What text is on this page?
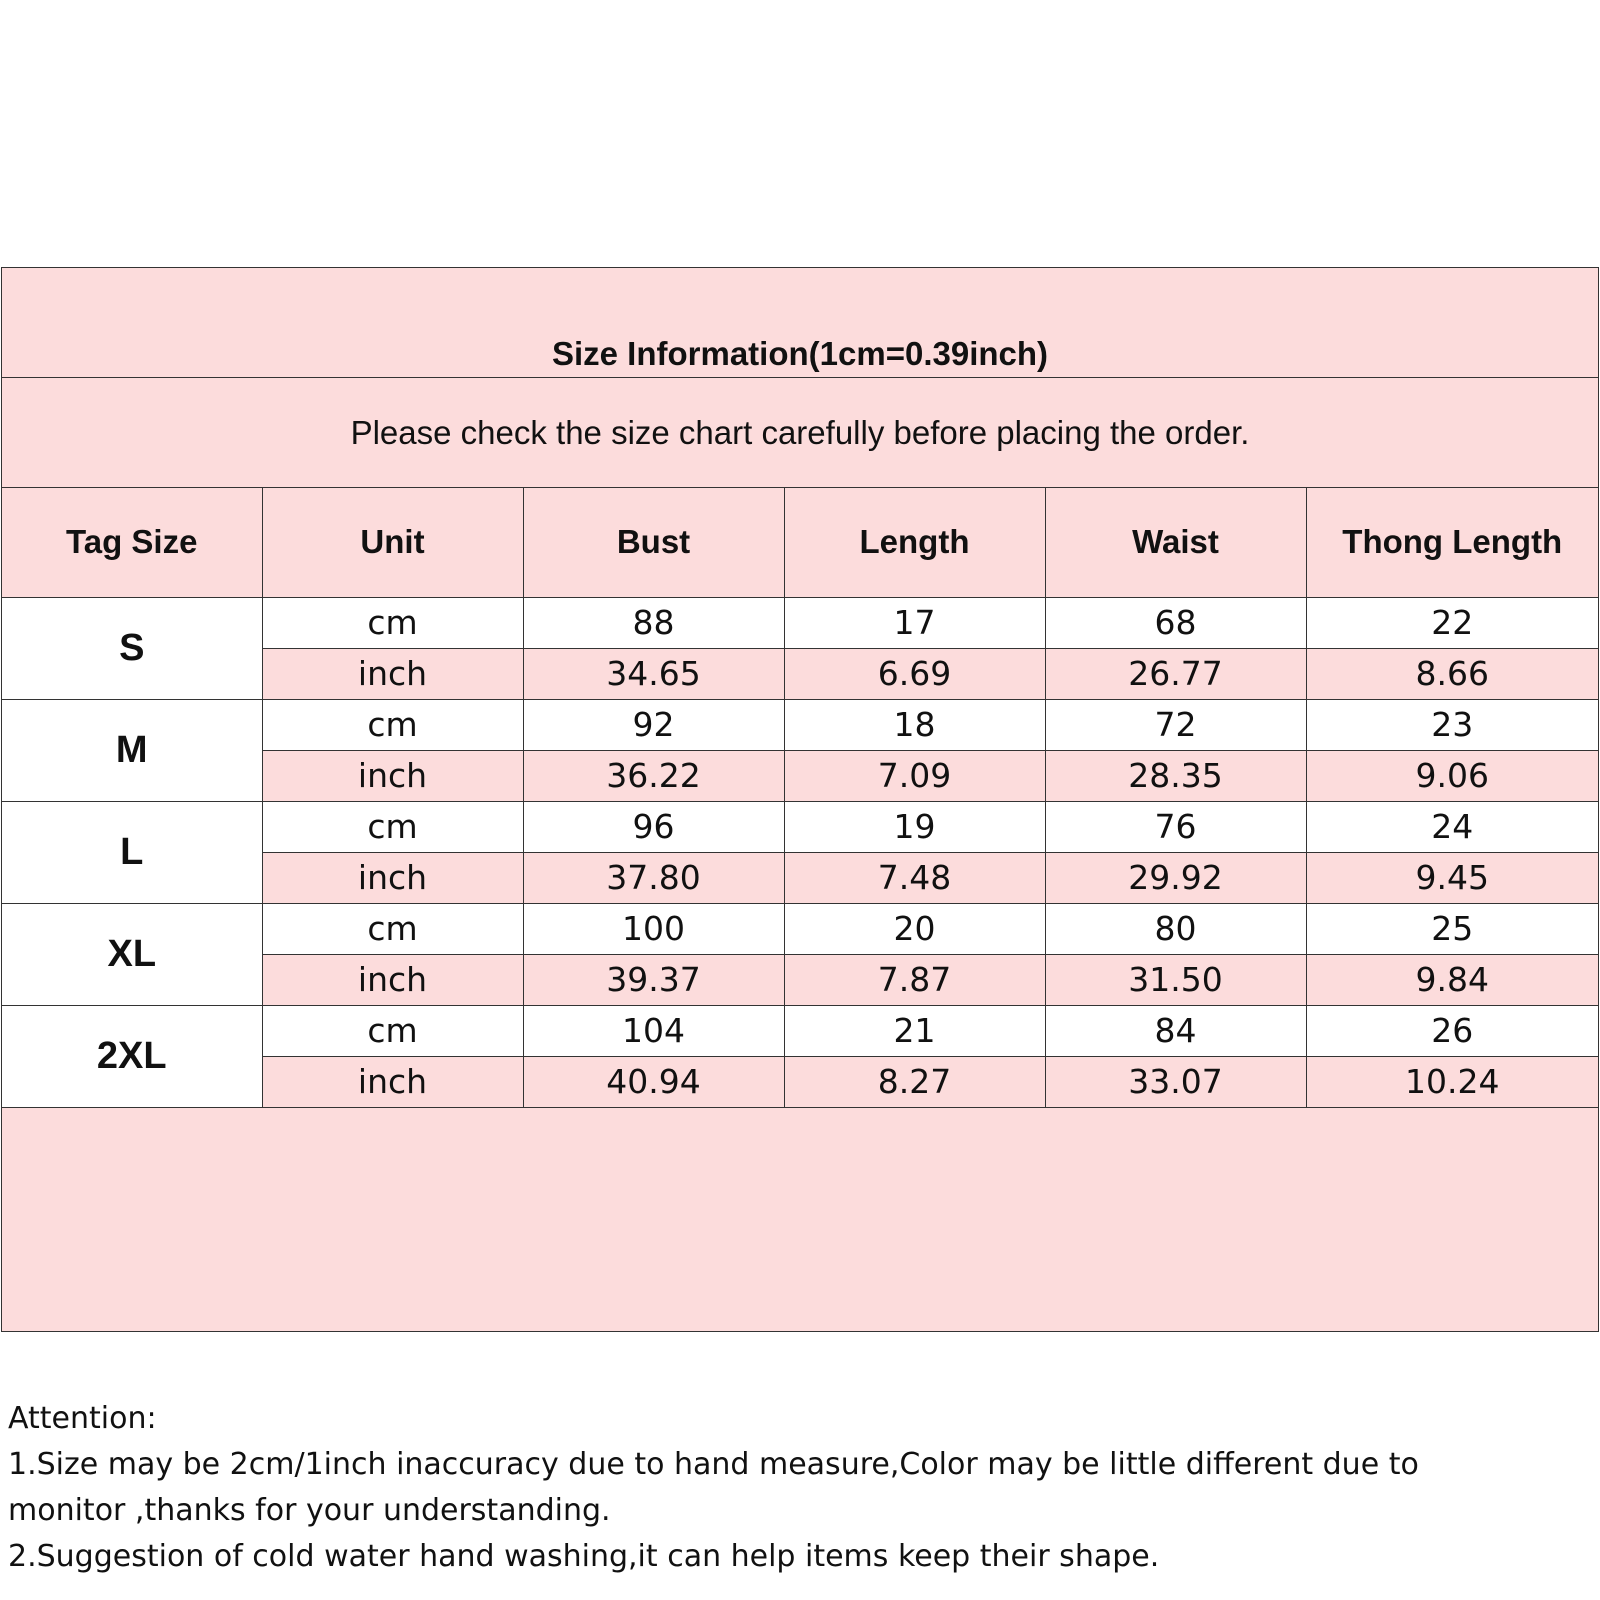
Size Information(1cm=0.39inch)
Please check the size chart carefully before placing the order.
Tag Size	Unit	Bust	Length	Waist	Thong Length
S	cm	88	17	68	22
	inch	34.65	6.69	26.77	8.66
M	cm	92	18	72	23
	inch	36.22	7.09	28.35	9.06
L	cm	96	19	76	24
	inch	37.80	7.48	29.92	9.45
XL	cm	100	20	80	25
	inch	39.37	7.87	31.50	9.84
2XL	cm	104	21	84	26
	inch	40.94	8.27	33.07	10.24
Attention:
1.Size may be 2cm/1inch inaccuracy due to hand measure,Color may be little different due to
monitor ,thanks for your understanding.
2.Suggestion of cold water hand washing,it can help items keep their shape.
